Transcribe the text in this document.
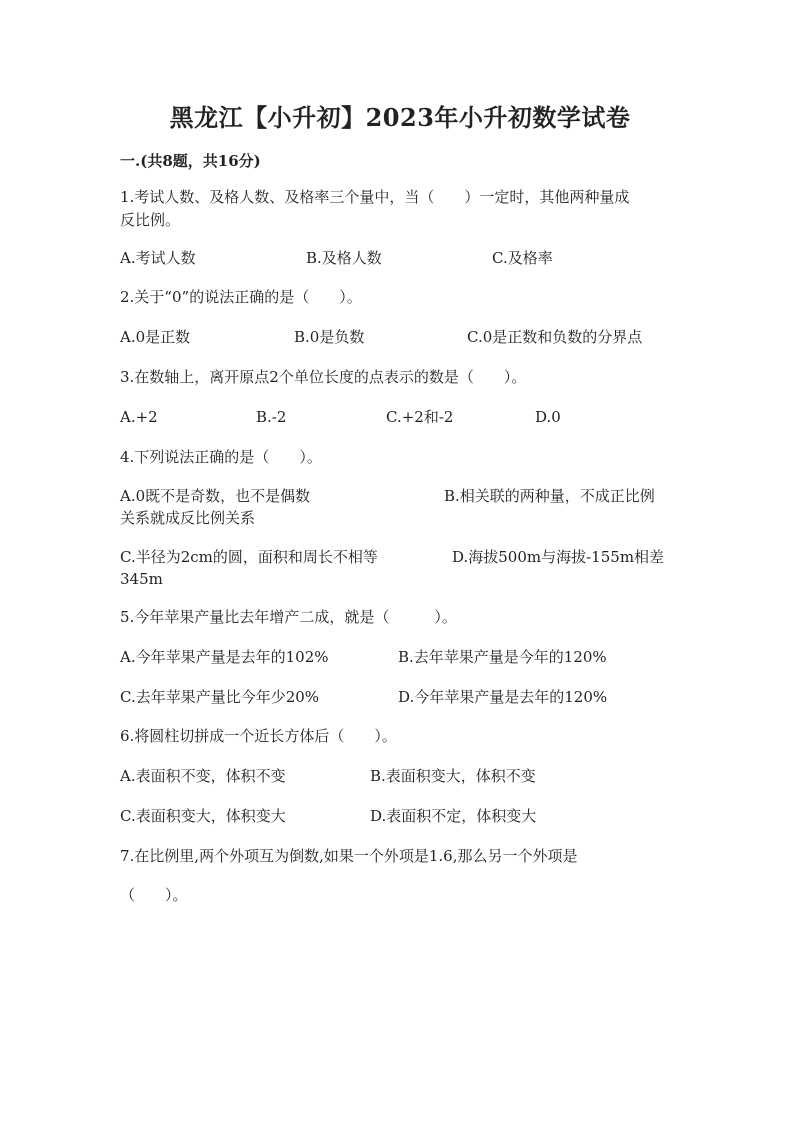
黑龙江【小升初】2023年小升初数学试卷
一.(共8题，共16分)
1.考试人数、及格人数、及格率三个量中，当（　　）一定时，其他两种量成
反比例。
A.考试人数	B.及格人数	C.及格率
2.关于“0”的说法正确的是（　　）。
A.0是正数	B.0是负数	C.0是正数和负数的分界点
3.在数轴上，离开原点2个单位长度的点表示的数是（　　）。
A.+2	B.-2	C.+2和-2	D.0
4.下列说法正确的是（　　）。
A.0既不是奇数，也不是偶数	B.相关联的两种量，不成正比例
关系就成反比例关系
C.半径为2cm的圆，面积和周长不相等	D.海拔500m与海拔-155m相差
345m
5.今年苹果产量比去年增产二成，就是（　　　）。
A.今年苹果产量是去年的102%	B.去年苹果产量是今年的120%
C.去年苹果产量比今年少20%	D.今年苹果产量是去年的120%
6.将圆柱切拼成一个近长方体后（　　）。
A.表面积不变，体积不变	B.表面积变大，体积不变
C.表面积变大，体积变大	D.表面积不定，体积变大
7.在比例里,两个外项互为倒数,如果一个外项是1.6,那么另一个外项是
（　　）。
